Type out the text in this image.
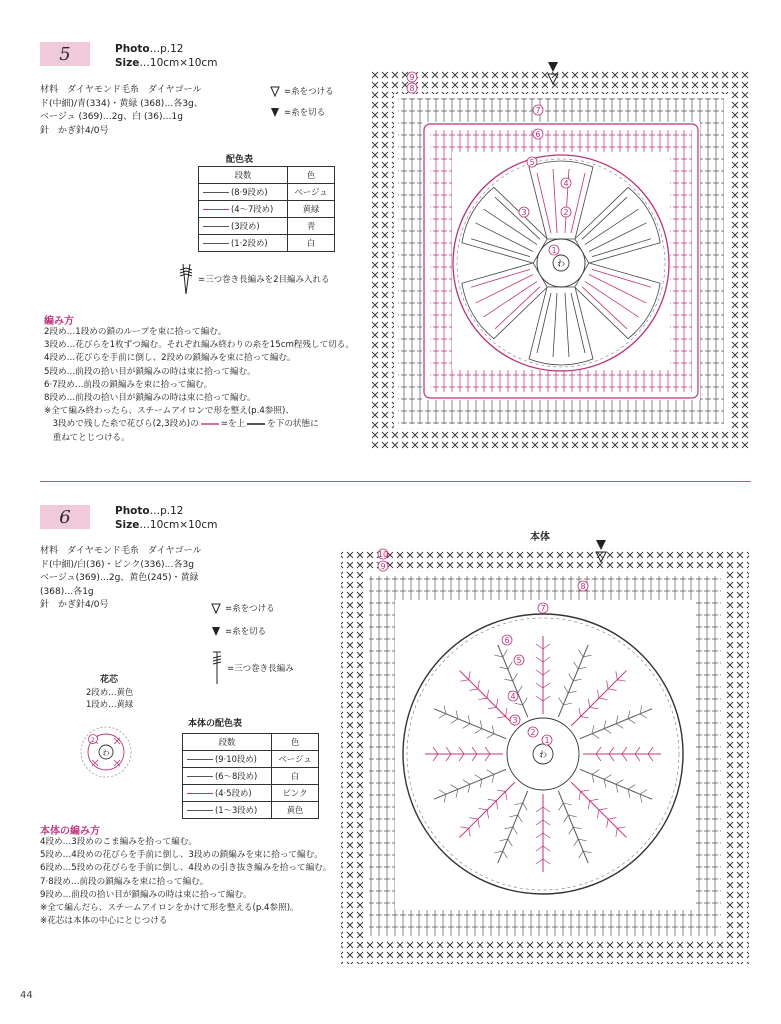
5	Photo…p.12
Size…10cm×10cm
材料　ダイヤモンド毛糸　ダイヤゴール
ド(中細)/青(334)・黄緑 (368)…各3g、
ベージュ (369)…2g、白 (36)…1g
針　かぎ針4/0号
=糸をつける
=糸を切る
配色表
段数	色
(8·9段め)	ベージュ
(4〜7段め)	黄緑
(3段め)	青
(1·2段め)	白
=三つ巻き長編みを2目編み入れる
編み方
2段め…1段めの鎖のループを束に拾って編む。
3段め…花びらを1枚ずつ編む。それぞれ編み終わりの糸を15cm程残して切る。
4段め…花びらを手前に倒し、2段めの鎖編みを束に拾って編む。
5段め…前段の拾い目が鎖編みの時は束に拾って編む。
6·7段め…前段の鎖編みを束に拾って編む。
8段め…前段の拾い目が鎖編みの時は束に拾って編む。
※全て編み終わったら、スチームアイロンで形を整え(p.4参照)、
　3段めで残した糸で花びら(2,3段め)の	=を上	を下の状態に
　重ねてとじつける。
わ
9
8
7
6
5
4
3	2
1
6	Photo…p.12
Size…10cm×10cm
材料　ダイヤモンド毛糸　ダイヤゴール
ド(中細)/白(36)・ピンク(336)…各3g
ベージュ(369)…2g、黄色(245)・黄緑
(368)…各1g
針　かぎ針4/0号	=糸をつける
=糸を切る
=三つ巻き長編み
花芯
2段め…黄色
1段め…黄緑
わ
2
本体の配色表
段数	色
(9·10段め)	ベージュ
(6〜8段め)	白
(4·5段め)	ピンク
(1〜3段め)	黄色
本体の編み方
4段め…3段めのこま編みを拾って編む。
5段め…4段めの花びらを手前に倒し、3段めの鎖編みを束に拾って編む。
6段め…5段めの花びらを手前に倒し、4段めの引き抜き編みを拾って編む。
7·8段め…前段の鎖編みを束に拾って編む。
9段め…前段の拾い目が鎖編みの時は束に拾って編む。
※全て編んだら、スチームアイロンをかけて形を整える(p.4参照)。
※花芯は本体の中心にとじつける
本体
わ
10
9
8
7
6
5
4
3
2
1
44
